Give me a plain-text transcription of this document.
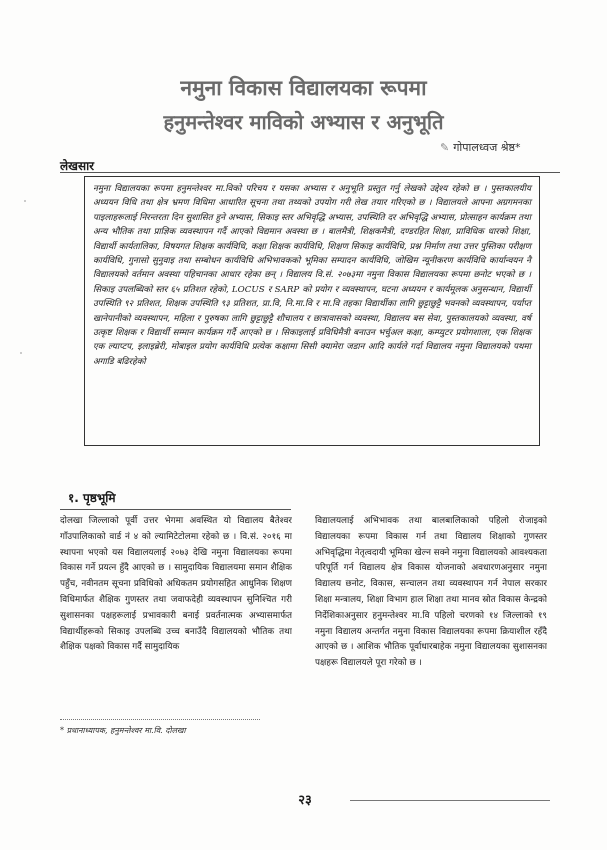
नमुना विकास विद्यालयका रूपमा
हनुमन्तेश्वर माविको अभ्यास र अनुभूति
✎ गोपालध्वज श्रेष्ठ*
लेखसार
नमुना विद्यालयका रूपमा हनुमन्तेश्वर मा.विको परिचय र यसका अभ्यास र अनुभूति प्रस्तुत गर्नु लेखको उद्देश्य रहेको छ । पुस्तकालयीय अध्ययन विधि तथा क्षेत्र भ्रमण विधिमा आधारित सूचना तथा तथ्यको उपयोग गरी लेख तयार गरिएको छ । विद्यालयले आफ्ना अग्रगमनका पाइलाहरूलाई निरन्तरता दिन सुशासित हुने अभ्यास, सिकाइ स्तर अभिवृद्धि अभ्यास, उपस्थिति दर अभिवृद्धि अभ्यास, प्रोत्साहन कार्यक्रम तथा अन्य भौतिक तथा प्राज्ञिक व्यवस्थापन गर्दै आएको विद्यमान अवस्था छ । बालमैत्री, शिक्षकमैत्री, दण्डरहित शिक्षा, प्राविधिक धारको शिक्षा, विद्यार्थी कार्यतालिका, विषयगत शिक्षक कार्यविधि, कक्षा शिक्षक कार्यविधि, शिक्षण सिकाइ कार्यविधि, प्रश्न निर्माण तथा उत्तर पुस्तिका परीक्षण कार्यविधि, गुनासो सुनुवाइ तथा सम्बोधन कार्यविधि अभिभावकको भूमिका सम्पादन कार्यविधि, जोखिम न्यूनीकरण कार्यविधि कार्यान्वयन नै विद्यालयको वर्तमान अवस्था पहिचानका आधार रहेका छन् । विद्यालय वि.सं. २०७३मा नमुना विकास विद्यालयका रूपमा छनोट भएको छ । सिकाइ उपलब्धिको स्तर ६५ प्रतिशत रहेको, LOCUS र SARP को प्रयोग र व्यवस्थापन, घटना अध्ययन र कार्यमूलक अनुसन्धान, विद्यार्थी उपस्थिति ९२ प्रतिशत, शिक्षक उपस्थिति ९३ प्रतिशत, प्रा.वि, नि.मा.वि र मा.वि तहका विद्यार्थीका लागि छुट्टाछुट्टै भवनको व्यवस्थापन, पर्याप्त खानेपानीको व्यवस्थापन, महिला र पुरुषका लागि छुट्टाछुट्टै शौचालय र छात्रावासको व्यवस्था, विद्यालय बस सेवा, पुस्तकालयको व्यवस्था, वर्ष उत्कृष्ट शिक्षक र विद्यार्थी सम्मान कार्यक्रम गर्दै आएको छ । सिकाइलाई प्रविधिमैत्री बनाउन भर्चुअल कक्षा, कम्प्युटर प्रयोगशाला, एक शिक्षक एक ल्याप्टप, इलाइब्रेरी, मोबाइल प्रयोग कार्यविधि प्रत्येक कक्षामा सिसी क्यामेरा जडान आदि कार्यले गर्दा विद्यालय नमुना विद्यालयको पथमा अगाडि बढिरहेको
१. पृष्ठभूमि

दोलखा जिल्लाको पूर्वी उत्तर भेगमा अवस्थित यो विद्यालय बैतेश्वर गाँउपालिकाको वार्ड नं ४ को ल्यामिटेटोलमा रहेको छ । वि.सं. २०१६ मा स्थापना भएको यस विद्यालयलाई २०७३ देखि नमुना विद्यालयका रूपमा विकास गर्ने प्रयत्न हुँदै आएको छ । सामुदायिक विद्यालयमा समान शैक्षिक पहुँच, नवीनतम सूचना प्रविधिको अधिकतम प्रयोगसहित आधुनिक शिक्षण विधिमार्फत शैक्षिक गुणस्तर तथा जवाफदेही व्यवस्थापन सुनिश्चित गरी सुशासनका पक्षहरूलाई प्रभावकारी बनाई प्रवर्तनात्मक अभ्यासमार्फत विद्यार्थीहरूको सिकाइ उपलब्धि उच्च बनाउँदै विद्यालयको भौतिक तथा शैक्षिक पक्षको विकास गर्दै सामुदायिक

विद्यालयलाई अभिभावक तथा बालबालिकाको पहिलो रोजाइको विद्यालयका रूपमा विकास गर्न तथा विद्यालय शिक्षाको गुणस्तर अभिवृद्धिमा नेतृत्वदायी भूमिका खेल्न सक्ने नमुना विद्यालयको आवश्यकता परिपूर्ति गर्न विद्यालय क्षेत्र विकास योजनाको अवधारणअनुसार नमुना विद्यालय छनोट, विकास, सन्चालन तथा व्यवस्थापन गर्न नेपाल सरकार शिक्षा मन्त्रालय, शिक्षा विभाग हाल शिक्षा तथा मानव स्रोत विकास केन्द्रको निर्देशिकाअनुसार हनुमन्तेश्वर मा.वि पहिलो चरणको १४ जिल्लाको १९ नमुना विद्यालय अन्तर्गत नमुना विकास विद्यालयका रूपमा क्रियाशील रहँदै आएको छ । आशिक भौतिक पूर्वाधारबाहेक नमुना विद्यालयका सुशासनका पक्षहरू विद्यालयले पूरा गरेको छ ।

* प्रधानाध्यापक, हनुमन्तेश्वर मा.वि. दोलखा
२३
